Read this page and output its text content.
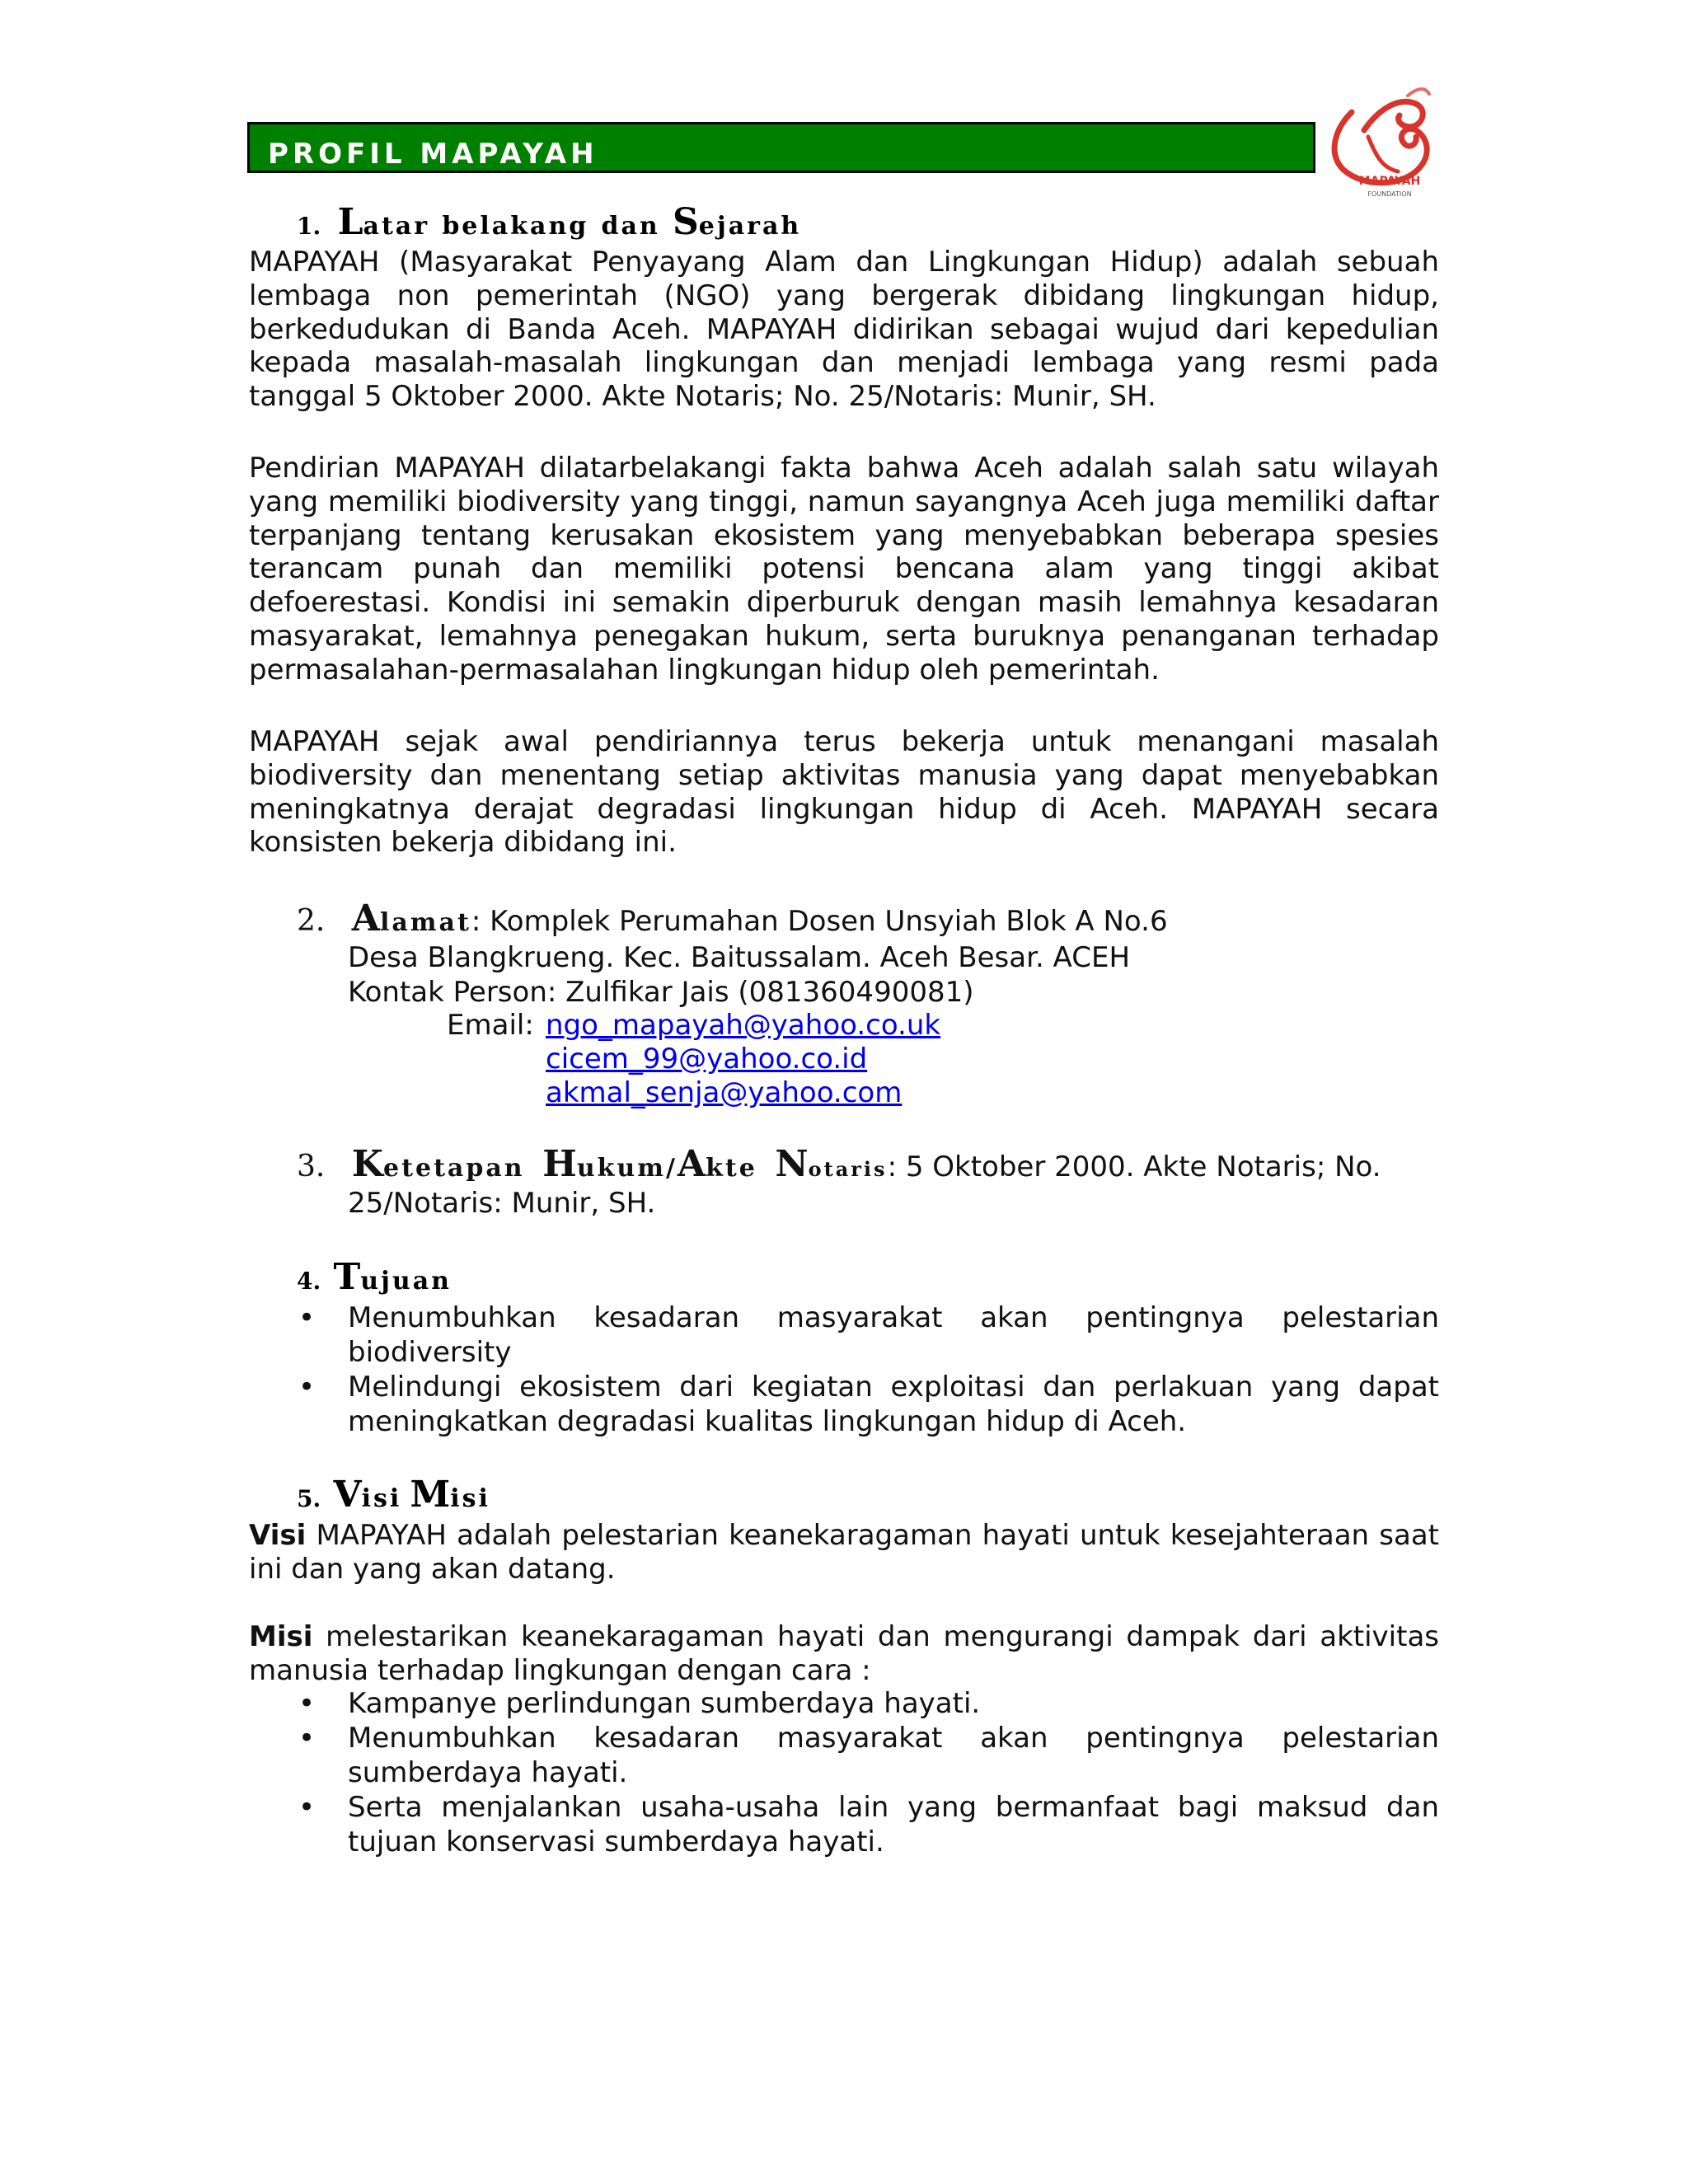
PROFIL MAPAYAH
MAPAYAH
FOUNDATION
1. Latar belakang dan Sejarah
MAPAYAH (Masyarakat Penyayang Alam dan Lingkungan Hidup) adalah sebuah lembaga non pemerintah (NGO) yang bergerak dibidang lingkungan hidup, berkedudukan di Banda Aceh. MAPAYAH didirikan sebagai wujud dari kepedulian kepada masalah-masalah lingkungan dan menjadi lembaga yang resmi pada tanggal 5 Oktober 2000. Akte Notaris; No. 25/Notaris: Munir, SH.
Pendirian MAPAYAH dilatarbelakangi fakta bahwa Aceh adalah salah satu wilayah yang memiliki biodiversity yang tinggi, namun sayangnya Aceh juga memiliki daftar terpanjang tentang kerusakan ekosistem yang menyebabkan beberapa spesies terancam punah dan memiliki potensi bencana alam yang tinggi akibat defoerestasi. Kondisi ini semakin diperburuk dengan masih lemahnya kesadaran masyarakat, lemahnya penegakan hukum, serta buruknya penanganan terhadap permasalahan-permasalahan lingkungan hidup oleh pemerintah.
MAPAYAH sejak awal pendiriannya terus bekerja untuk menangani masalah biodiversity dan menentang setiap aktivitas manusia yang dapat menyebabkan meningkatnya derajat degradasi lingkungan hidup di Aceh. MAPAYAH secara konsisten bekerja dibidang ini.
2. Alamat: Komplek Perumahan Dosen Unsyiah Blok A No.6
Desa Blangkrueng. Kec. Baitussalam. Aceh Besar. ACEH
Kontak Person: Zulfikar Jais (081360490081)
Email: ngo_mapayah@yahoo.co.uk
cicem_99@yahoo.co.id
akmal_senja@yahoo.com
3. Ketetapan Hukum/Akte Notaris: 5 Oktober 2000. Akte Notaris; No.
25/Notaris: Munir, SH.
4. Tujuan
• Menumbuhkan kesadaran masyarakat akan pentingnya pelestarian biodiversity
• Melindungi ekosistem dari kegiatan exploitasi dan perlakuan yang dapat meningkatkan degradasi kualitas lingkungan hidup di Aceh.
5. Visi Misi
Visi MAPAYAH adalah pelestarian keanekaragaman hayati untuk kesejahteraan saat ini dan yang akan datang.
Misi melestarikan keanekaragaman hayati dan mengurangi dampak dari aktivitas manusia terhadap lingkungan dengan cara :
• Kampanye perlindungan sumberdaya hayati.
• Menumbuhkan kesadaran masyarakat akan pentingnya pelestarian sumberdaya hayati.
• Serta menjalankan usaha-usaha lain yang bermanfaat bagi maksud dan tujuan konservasi sumberdaya hayati.
